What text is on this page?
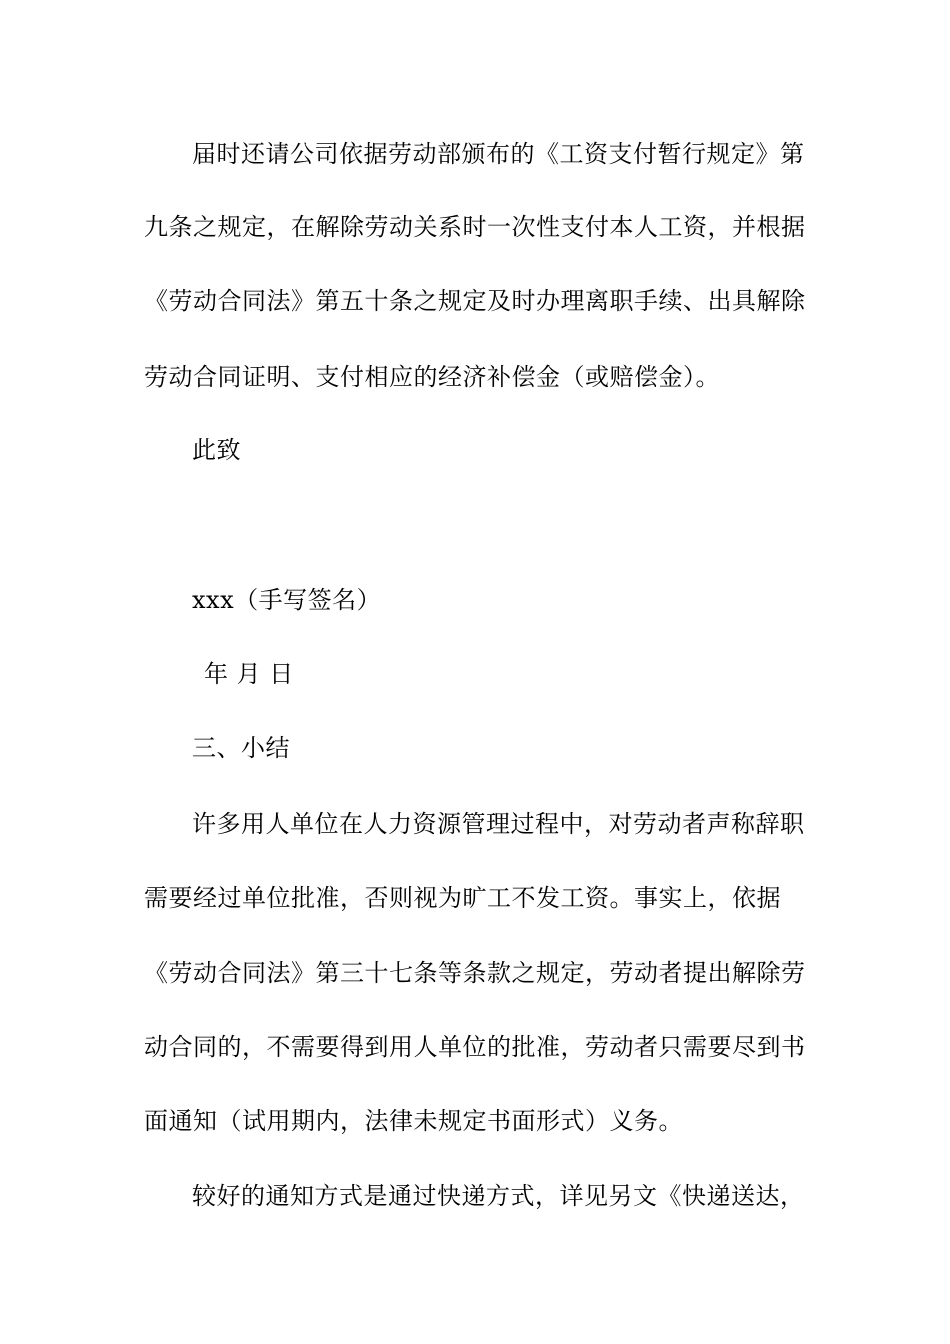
届时还请公司依据劳动部颁布的《工资支付暂行规定》第
九条之规定，在解除劳动关系时一次性支付本人工资，并根据
《劳动合同法》第五十条之规定及时办理离职手续、出具解除
劳动合同证明、支付相应的经济补偿金（或赔偿金）。
此致
xxx（手写签名）
年 月 日
三、小结
许多用人单位在人力资源管理过程中，对劳动者声称辞职
需要经过单位批准，否则视为旷工不发工资。事实上，依据
《劳动合同法》第三十七条等条款之规定，劳动者提出解除劳
动合同的，不需要得到用人单位的批准，劳动者只需要尽到书
面通知（试用期内，法律未规定书面形式）义务。
较好的通知方式是通过快递方式，详见另文《快递送达，
